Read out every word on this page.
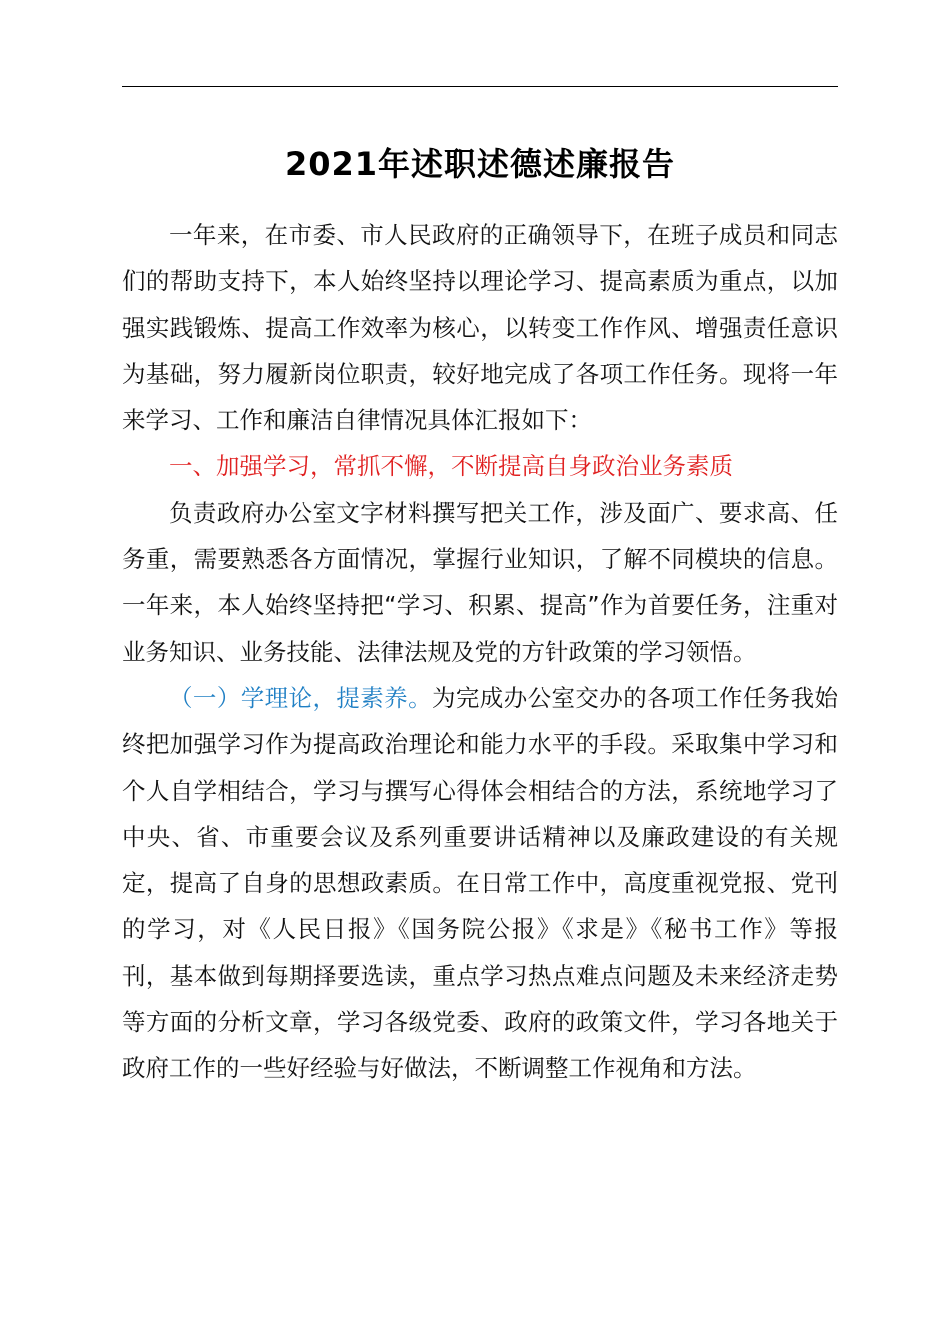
2021年述职述德述廉报告

一年来，在市委、市人民政府的正确领导下，在班子成员和同志们的帮助支持下，本人始终坚持以理论学习、提高素质为重点，以加强实践锻炼、提高工作效率为核心，以转变工作作风、增强责任意识为基础，努力履新岗位职责，较好地完成了各项工作任务。现将一年来学习、工作和廉洁自律情况具体汇报如下：

一、加强学习，常抓不懈，不断提高自身政治业务素质

负责政府办公室文字材料撰写把关工作，涉及面广、要求高、任务重，需要熟悉各方面情况，掌握行业知识，了解不同模块的信息。一年来，本人始终坚持把“学习、积累、提高”作为首要任务，注重对业务知识、业务技能、法律法规及党的方针政策的学习领悟。

（一）学理论，提素养。为完成办公室交办的各项工作任务我始终把加强学习作为提高政治理论和能力水平的手段。采取集中学习和个人自学相结合，学习与撰写心得体会相结合的方法，系统地学习了中央、省、市重要会议及系列重要讲话精神以及廉政建设的有关规定，提高了自身的思想政素质。在日常工作中，高度重视党报、党刊的学习，对《人民日报》《国务院公报》《求是》《秘书工作》等报刊，基本做到每期择要选读，重点学习热点难点问题及未来经济走势等方面的分析文章，学习各级党委、政府的政策文件，学习各地关于政府工作的一些好经验与好做法，不断调整工作视角和方法。
